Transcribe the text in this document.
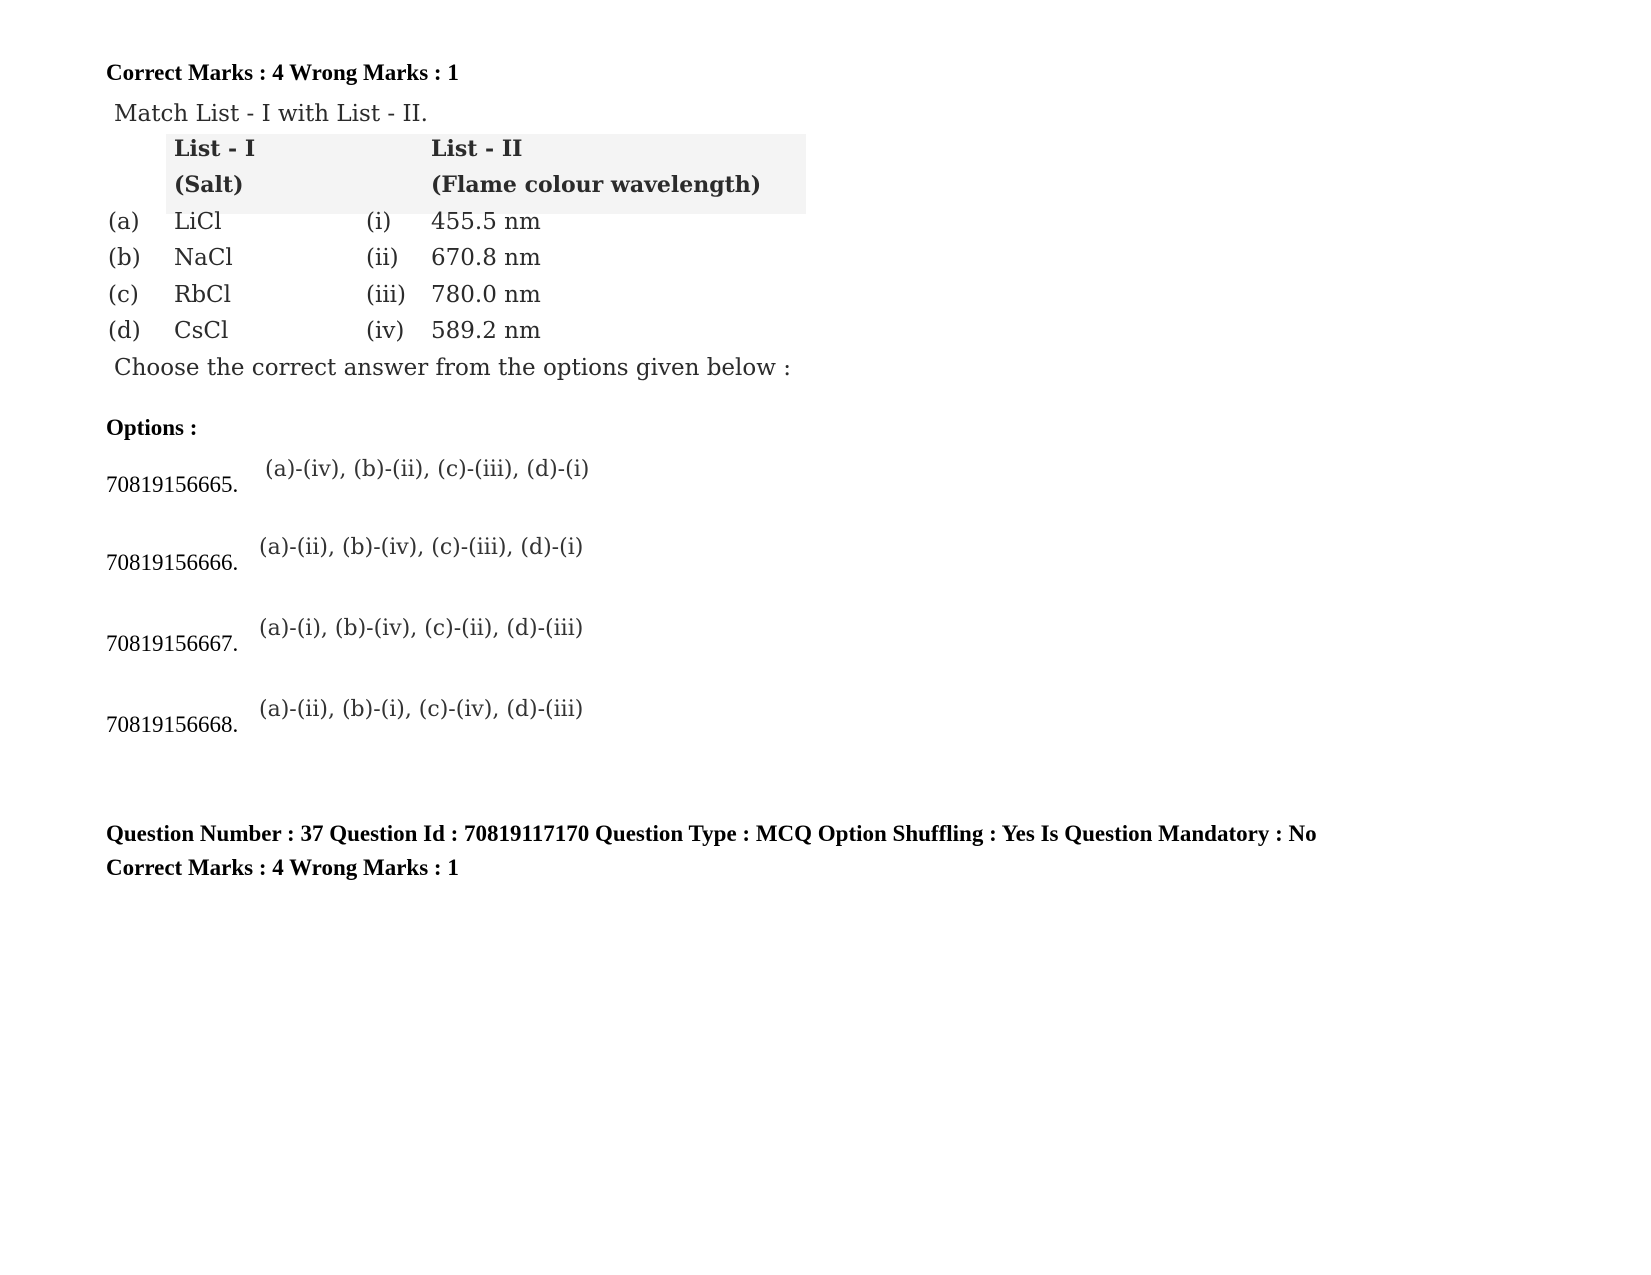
Correct Marks : 4 Wrong Marks : 1
Match List - I with List - II.
List - I
(Salt)
List - II
(Flame colour wavelength)
(a) LiCl	(i) 455.5 nm
(b) NaCl	(ii) 670.8 nm
(c) RbCl	(iii) 780.0 nm
(d) CsCl	(iv) 589.2 nm
Choose the correct answer from the options given below :
Options :
70819156665.
(a)-(iv), (b)-(ii), (c)-(iii), (d)-(i)
70819156666.
(a)-(ii), (b)-(iv), (c)-(iii), (d)-(i)
70819156667.
(a)-(i), (b)-(iv), (c)-(ii), (d)-(iii)
70819156668.
(a)-(ii), (b)-(i), (c)-(iv), (d)-(iii)
Question Number : 37 Question Id : 70819117170 Question Type : MCQ Option Shuffling : Yes Is Question Mandatory : No
Correct Marks : 4 Wrong Marks : 1
